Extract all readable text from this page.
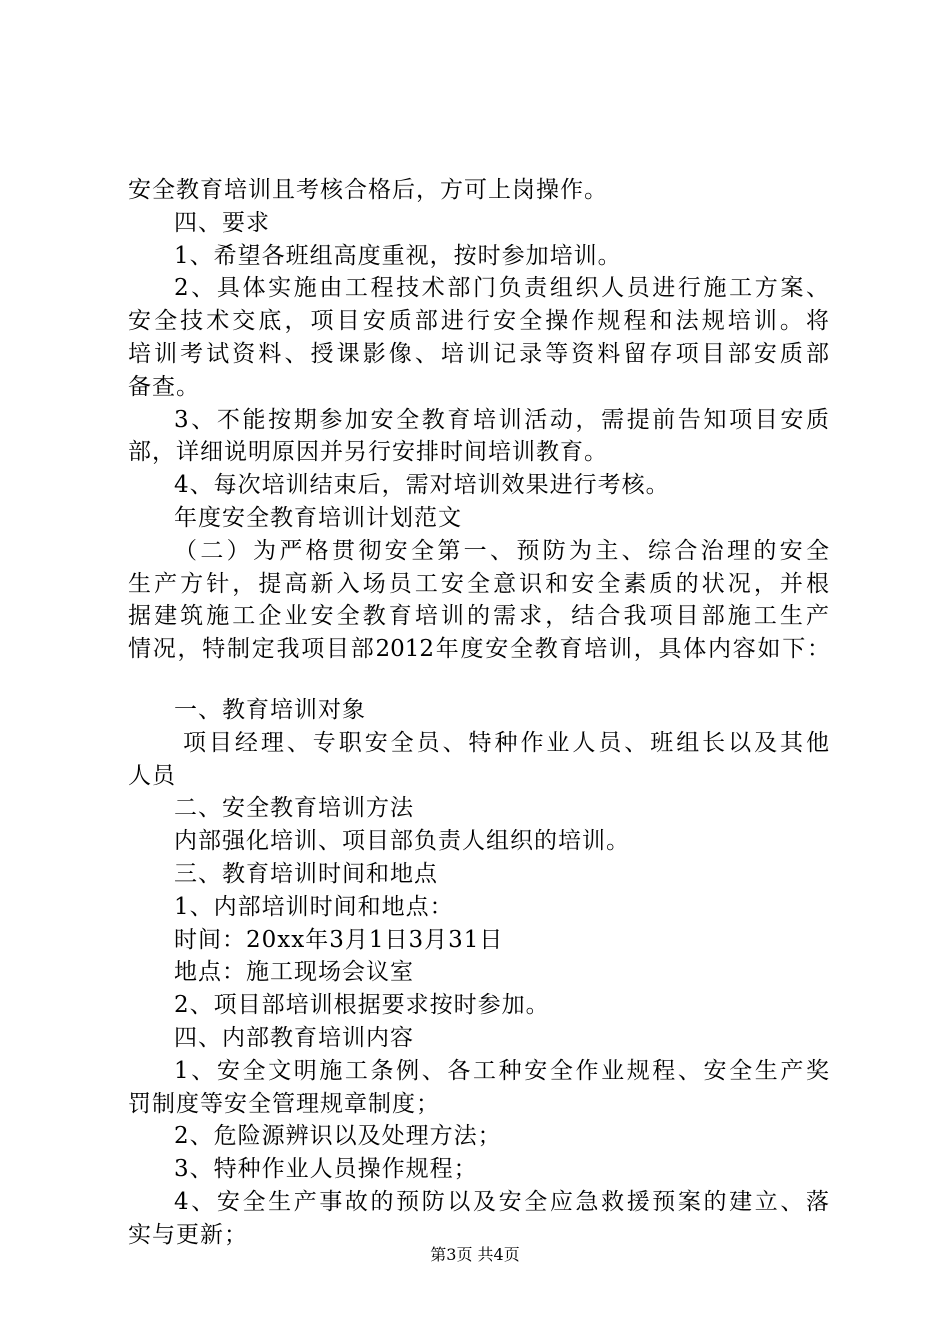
安全教育培训且考核合格后，方可上岗操作。
四、要求
1、希望各班组高度重视，按时参加培训。
2、具体实施由工程技术部门负责组织人员进行施工方案、
安全技术交底，项目安质部进行安全操作规程和法规培训。将
培训考试资料、授课影像、培训记录等资料留存项目部安质部
备查。
3、不能按期参加安全教育培训活动，需提前告知项目安质
部，详细说明原因并另行安排时间培训教育。
4、每次培训结束后，需对培训效果进行考核。
年度安全教育培训计划范文
（二）为严格贯彻安全第一、预防为主、综合治理的安全
生产方针，提高新入场员工安全意识和安全素质的状况，并根
据建筑施工企业安全教育培训的需求，结合我项目部施工生产
情况，特制定我项目部2012年度安全教育培训，具体内容如下：
一、教育培训对象
项目经理、专职安全员、特种作业人员、班组长以及其他
人员
二、安全教育培训方法
内部强化培训、项目部负责人组织的培训。
三、教育培训时间和地点
1、内部培训时间和地点：
时间：20xx年3月1日3月31日
地点：施工现场会议室
2、项目部培训根据要求按时参加。
四、内部教育培训内容
1、安全文明施工条例、各工种安全作业规程、安全生产奖
罚制度等安全管理规章制度；
2、危险源辨识以及处理方法；
3、特种作业人员操作规程；
4、安全生产事故的预防以及安全应急救援预案的建立、落
实与更新；
第3页 共4页
